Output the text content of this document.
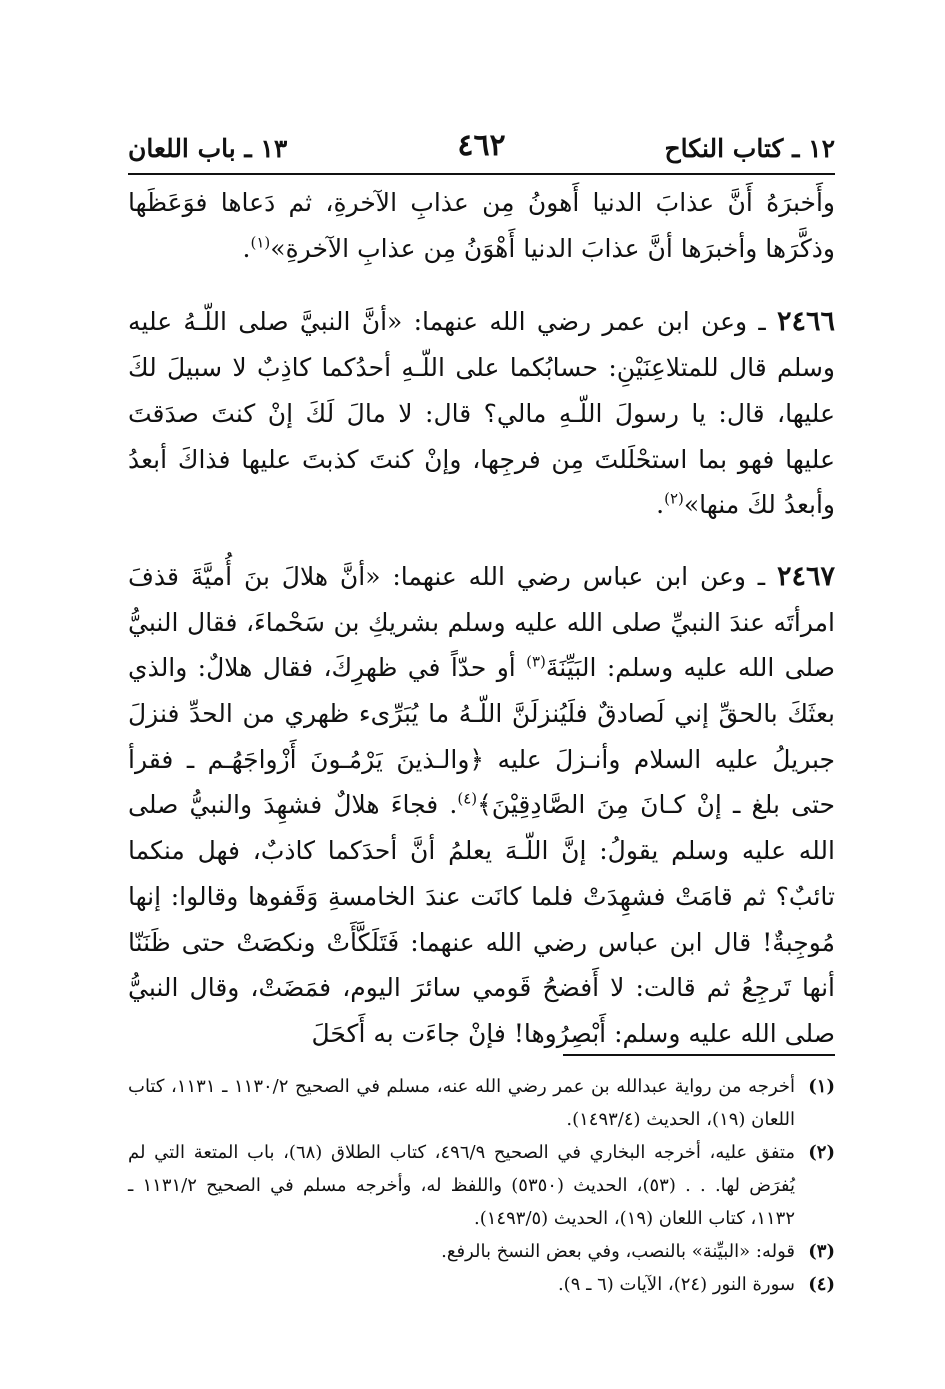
١٢ ـ كتاب النكاح
٤٦٢
١٣ ـ باب اللعان

وأَخبرَهُ أَنَّ عذابَ الدنيا أَهونُ مِن عذابِ الآخرةِ، ثم دَعاها فوَعَظَها وذكَّرَها وأخبرَها أنَّ عذابَ الدنيا أَهْوَنُ مِن عذابِ الآخرةِ»$^{(١)}$.

٢٤٦٦ ـ وعن ابن عمر رضي الله عنهما: «أنَّ النبيَّ صلى اللّـهُ عليه وسلم قال للمتلاعِنَيْنِ: حسابُكما على اللّـهِ أحدُكما كاذِبٌ لا سبيلَ لكَ عليها، قال: يا رسولَ اللّـهِ مالي؟ قال: لا مالَ لَكَ إنْ كنتَ صدَقتَ عليها فهو بما استحْلَلتَ مِن فرجِها، وإنْ كنتَ كذبتَ عليها فذاكَ أبعدُ وأبعدُ لكَ منها»$^{(٢)}$.

٢٤٦٧ ـ وعن ابن عباس رضي الله عنهما: «أنَّ هلالَ بنَ أُميَّةَ قذفَ امرأتَه عندَ النبيِّ صلى الله عليه وسلم بشريكِ بن سَحْماءَ، فقال النبيُّ صلى الله عليه وسلم: البَيِّنَةَ$^{(٣)}$ أو حدّاً في ظهرِكَ، فقال هلالٌ: والذي بعثَكَ بالحقِّ إني لَصادقٌ فلَيُنزلَنَّ اللّـهُ ما يُبَرِّىء ظهري من الحدِّ فنزلَ جبريلُ عليه السلام وأنـزلَ عليه ﴿والـذينَ يَرْمُـونَ أَزْواجَهُـم ـ فقرأ حتى بلغ ـ إنْ كـانَ مِنَ الصَّادِقِيْنَ﴾$^{(٤)}$. فجاءَ هلالٌ فشهِدَ والنبيُّ صلى الله عليه وسلم يقولُ: إنَّ اللّـهَ يعلمُ أنَّ أحدَكما كاذبٌ، فهل منكما تائبٌ؟ ثم قامَتْ فشهِدَتْ فلما كانَت عندَ الخامسةِ وَقَفوها وقالوا: إنها مُوجِبةٌ! قال ابن عباس رضي الله عنهما: فَتَلَكَّأَتْ ونكصَتْ حتى ظَنَنّا أنها تَرجِعُ ثم قالت: لا أَفضحُ قَومي سائرَ اليوم، فمَضَتْ، وقال النبيُّ صلى الله عليه وسلم: أَبْصِرُوها! فإنْ جاءَت به أَكحَلَ

(١)
أخرجه من رواية عبدالله بن عمر رضي الله عنه، مسلم في الصحيح ١١٣٠/٢ ـ ١١٣١، كتاب اللعان (١٩)، الحديث (١٤٩٣/٤).

(٢)
متفق عليه، أخرجه البخاري في الصحيح ٤٩٦/٩، كتاب الطلاق (٦٨)، باب المتعة التي لم يُفرَض لها. . . (٥٣)، الحديث (٥٣٥٠) واللفظ له، وأخرجه مسلم في الصحيح ١١٣١/٢ ـ ١١٣٢، كتاب اللعان (١٩)، الحديث (١٤٩٣/٥).

(٣)
قوله: «البيِّنة» بالنصب، وفي بعض النسخ بالرفع.

(٤)
سورة النور (٢٤)، الآيات (٦ ـ ٩).
